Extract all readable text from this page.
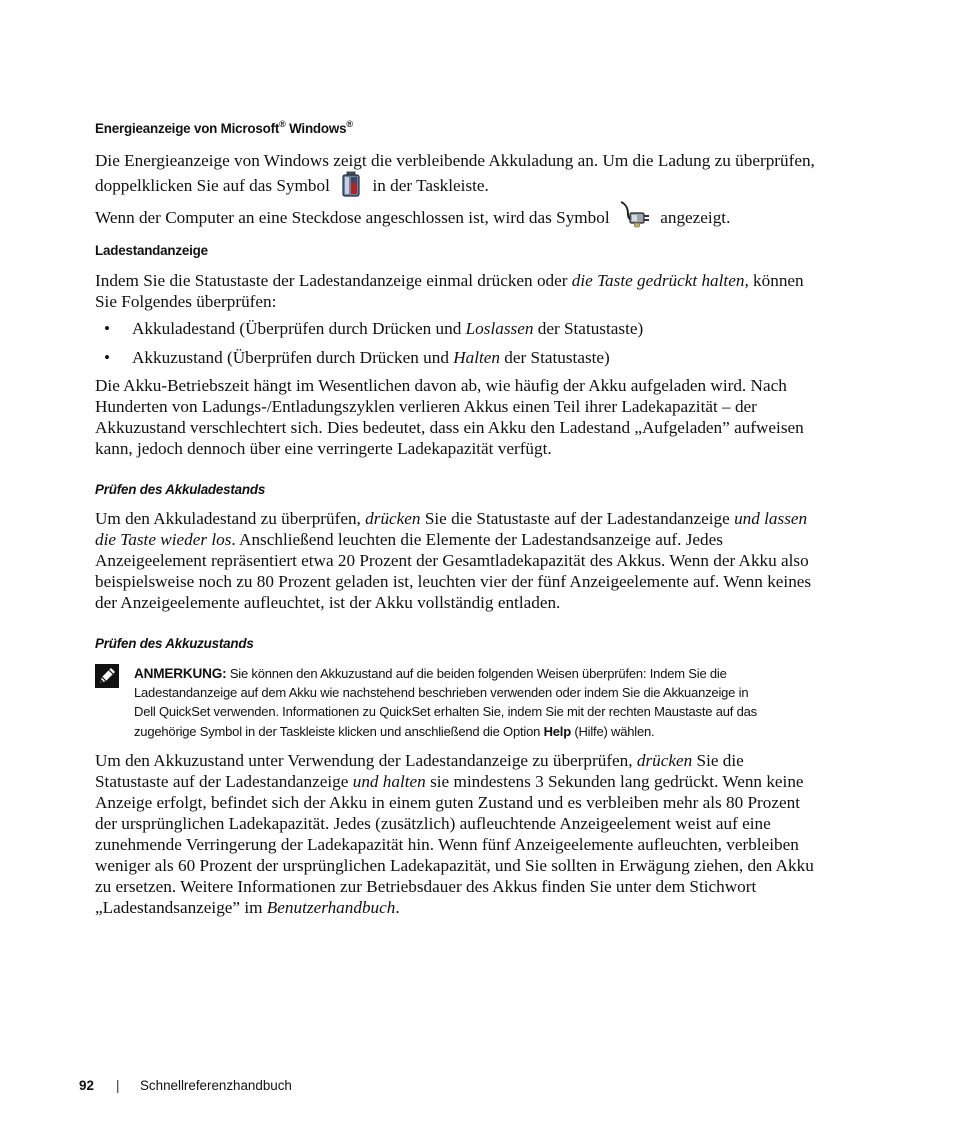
Energieanzeige von Microsoft® Windows®
Die Energieanzeige von Windows zeigt die verbleibende Akkuladung an. Um die Ladung zu überprüfen,
doppelklicken Sie auf das Symbol in der Taskleiste.
Wenn der Computer an eine Steckdose angeschlossen ist, wird das Symbol	angezeigt.
Ladestandanzeige
Indem Sie die Statustaste der Ladestandanzeige einmal drücken oder die Taste gedrückt halten, können
Sie Folgendes überprüfen:
• Akkuladestand (Überprüfen durch Drücken und Loslassen der Statustaste)
• Akkuzustand (Überprüfen durch Drücken und Halten der Statustaste)
Die Akku-Betriebszeit hängt im Wesentlichen davon ab, wie häufig der Akku aufgeladen wird. Nach
Hunderten von Ladungs-/Entladungszyklen verlieren Akkus einen Teil ihrer Ladekapazität – der
Akkuzustand verschlechtert sich. Dies bedeutet, dass ein Akku den Ladestand „Aufgeladen” aufweisen
kann, jedoch dennoch über eine verringerte Ladekapazität verfügt.
Prüfen des Akkuladestands
Um den Akkuladestand zu überprüfen, drücken Sie die Statustaste auf der Ladestandanzeige und lassen
die Taste wieder los. Anschließend leuchten die Elemente der Ladestandsanzeige auf. Jedes
Anzeigeelement repräsentiert etwa 20 Prozent der Gesamtladekapazität des Akkus. Wenn der Akku also
beispielsweise noch zu 80 Prozent geladen ist, leuchten vier der fünf Anzeigeelemente auf. Wenn keines
der Anzeigeelemente aufleuchtet, ist der Akku vollständig entladen.
Prüfen des Akkuzustands
ANMERKUNG: Sie können den Akkuzustand auf die beiden folgenden Weisen überprüfen: Indem Sie die
Ladestandanzeige auf dem Akku wie nachstehend beschrieben verwenden oder indem Sie die Akkuanzeige in
Dell QuickSet verwenden. Informationen zu QuickSet erhalten Sie, indem Sie mit der rechten Maustaste auf das
zugehörige Symbol in der Taskleiste klicken und anschließend die Option Help (Hilfe) wählen.
Um den Akkuzustand unter Verwendung der Ladestandanzeige zu überprüfen, drücken Sie die
Statustaste auf der Ladestandanzeige und halten sie mindestens 3 Sekunden lang gedrückt. Wenn keine
Anzeige erfolgt, befindet sich der Akku in einem guten Zustand und es verbleiben mehr als 80 Prozent
der ursprünglichen Ladekapazität. Jedes (zusätzlich) aufleuchtende Anzeigeelement weist auf eine
zunehmende Verringerung der Ladekapazität hin. Wenn fünf Anzeigeelemente aufleuchten, verbleiben
weniger als 60 Prozent der ursprünglichen Ladekapazität, und Sie sollten in Erwägung ziehen, den Akku
zu ersetzen. Weitere Informationen zur Betriebsdauer des Akkus finden Sie unter dem Stichwort
„Ladestandsanzeige” im Benutzerhandbuch.
92 | Schnellreferenzhandbuch
